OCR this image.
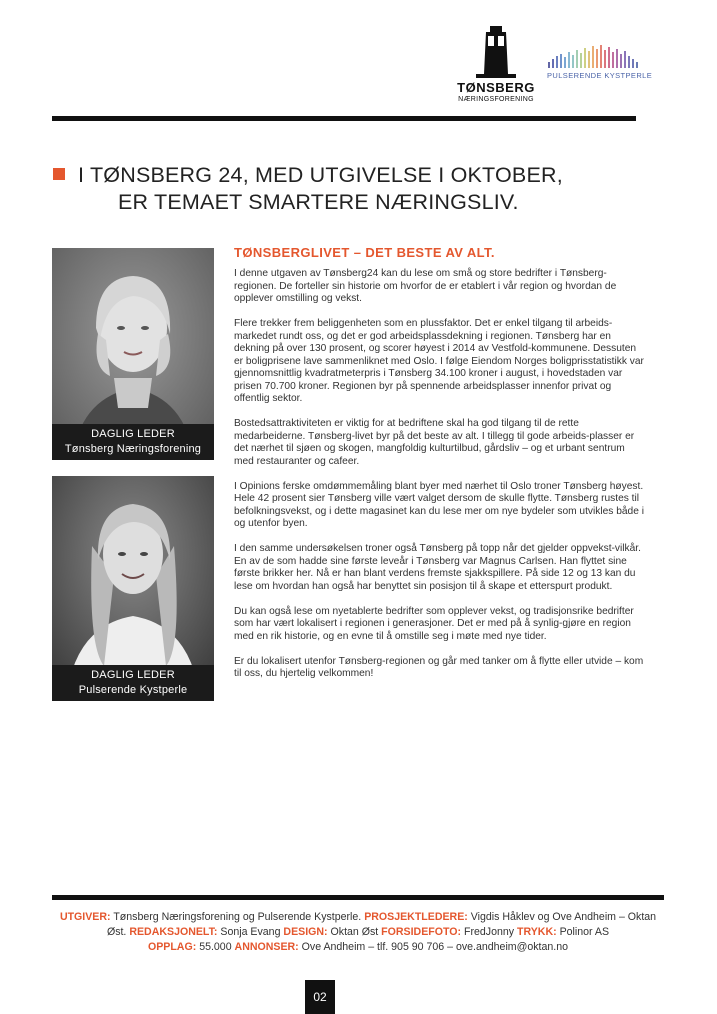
TØNSBERG
NÆRINGSFORENING
PULSERENDE KYSTPERLE
I TØNSBERG 24, MED UTGIVELSE I OKTOBER,
ER TEMAET SMARTERE NÆRINGSLIV.
DAGLIG LEDER
Tønsberg Næringsforening
DAGLIG LEDER
Pulserende Kystperle
TØNSBERGLIVET – DET BESTE AV ALT.

I denne utgaven av Tønsberg24 kan du lese om små og store bedrifter i Tønsberg-regionen. De forteller sin historie om hvorfor de er etablert i vår region og hvordan de opplever omstilling og vekst.

Flere trekker frem beliggenheten som en plussfaktor. Det er enkel tilgang til arbeids-markedet rundt oss, og det er god arbeidsplassdekning i regionen. Tønsberg har en dekning på over 130 prosent, og scorer høyest i 2014 av Vestfold-kommunene. Dessuten er boligprisene lave sammenliknet med Oslo. I følge Eiendom Norges boligprisstatistikk var gjennomsnittlig kvadratmeterpris i Tønsberg 34.100 kroner i august, i hovedstaden var prisen 70.700 kroner. Regionen byr på spennende arbeidsplasser innenfor privat og offentlig sektor.

Bostedsattraktiviteten er viktig for at bedriftene skal ha god tilgang til de rette medarbeiderne. Tønsberg-livet byr på det beste av alt. I tillegg til gode arbeids-plasser er det nærhet til sjøen og skogen, mangfoldig kulturtilbud, gårdsliv – og et urbant sentrum med restauranter og cafeer.

I Opinions ferske omdømmemåling blant byer med nærhet til Oslo troner Tønsberg høyest. Hele 42 prosent sier Tønsberg ville vært valget dersom de skulle flytte. Tønsberg rustes til befolkningsvekst, og i dette magasinet kan du lese mer om nye bydeler som utvikles både i og utenfor byen.

I den samme undersøkelsen troner også Tønsberg på topp når det gjelder oppvekst-vilkår. En av de som hadde sine første leveår i Tønsberg var Magnus Carlsen. Han flyttet sine første brikker her. Nå er han blant verdens fremste sjakkspillere. På side 12 og 13 kan du lese om hvordan han også har benyttet sin posisjon til å skape et etterspurt produkt.

Du kan også lese om nyetablerte bedrifter som opplever vekst, og tradisjonsrike bedrifter som har vært lokalisert i regionen i generasjoner. Det er med på å synlig-gjøre en region med en rik historie, og en evne til å omstille seg i møte med nye tider.

Er du lokalisert utenfor Tønsberg-regionen og går med tanker om å flytte eller utvide – kom til oss, du hjertelig velkommen!

UTGIVER: Tønsberg Næringsforening og Pulserende Kystperle. PROSJEKTLEDERE: Vigdis Håklev og Ove Andheim – Oktan Øst. REDAKSJONELT: Sonja Evang DESIGN: Oktan Øst FORSIDEFOTO: FredJonny TRYKK: Polinor AS
OPPLAG: 55.000 ANNONSER: Ove Andheim – tlf. 905 90 706 – ove.andheim@oktan.no
02
